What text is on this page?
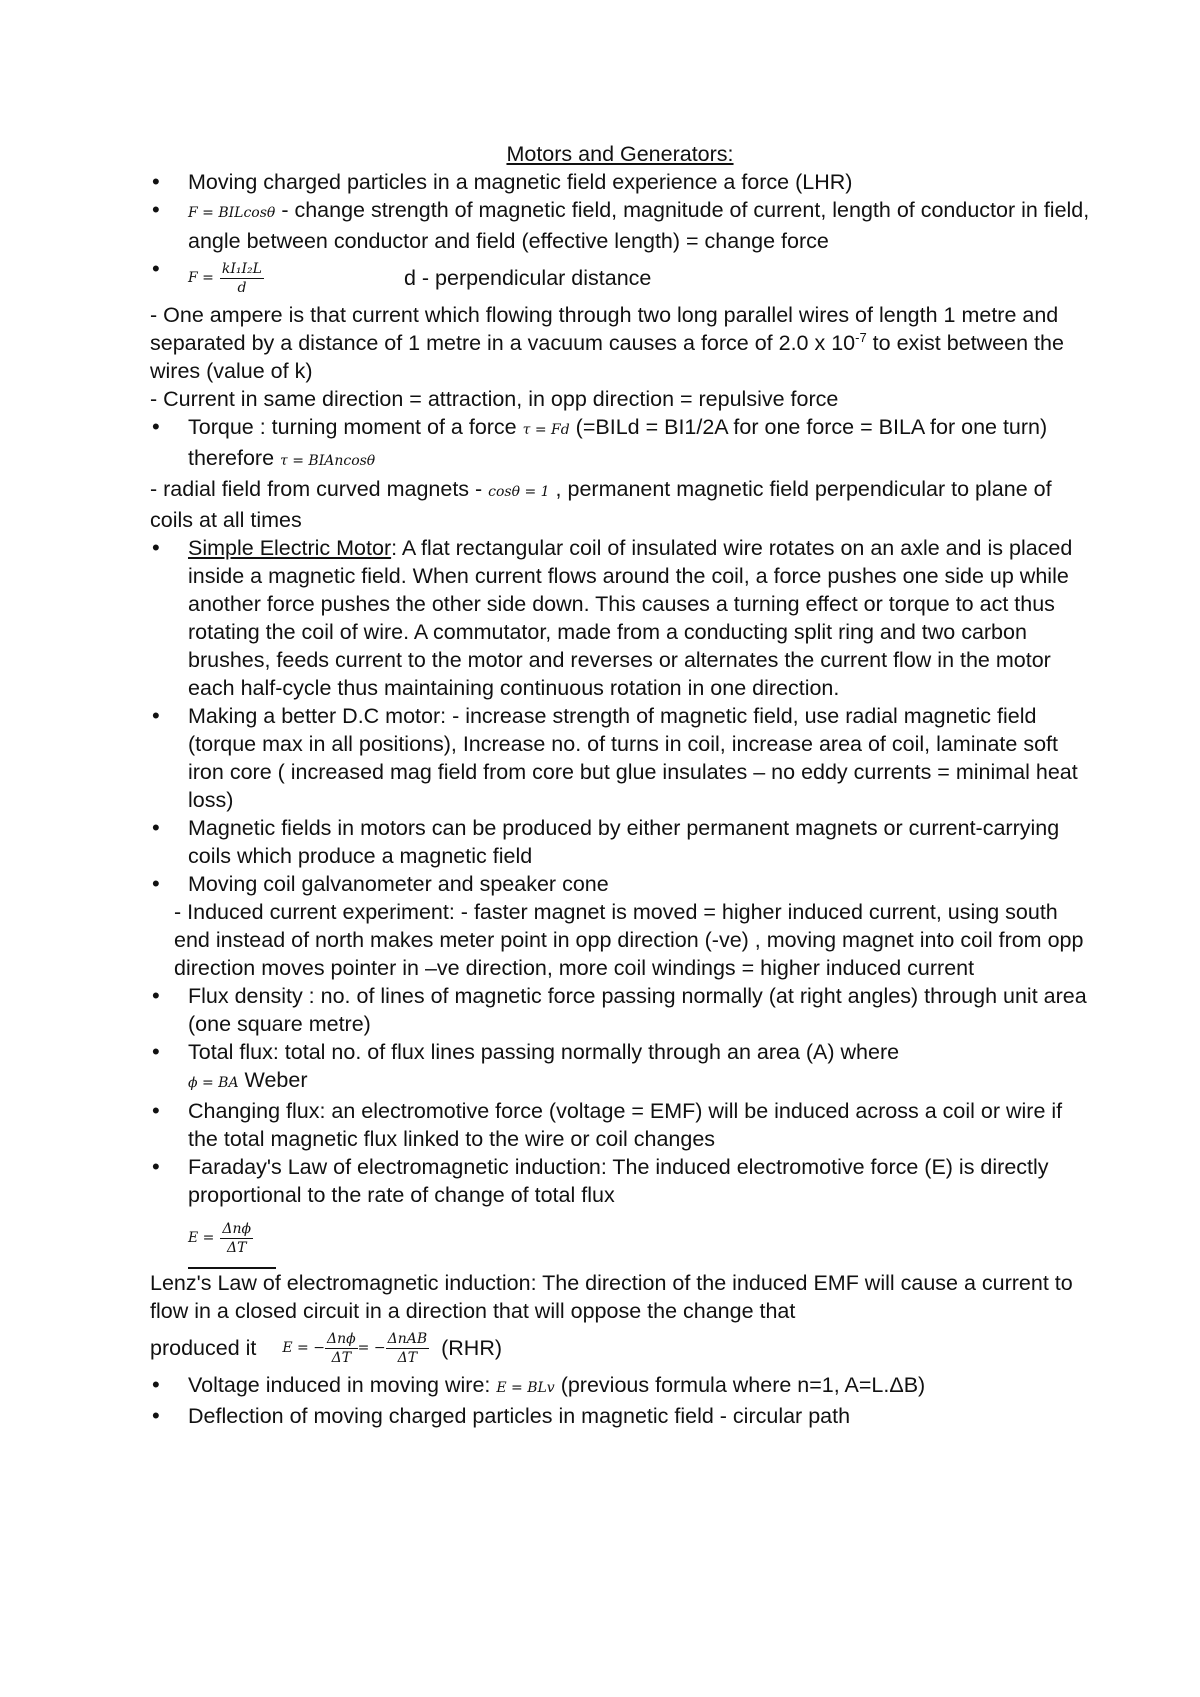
Motors and Generators:
• Moving charged particles in a magnetic field experience a force (LHR)
• F = BILcosθ - change strength of magnetic field, magnitude of current, length of conductor in field, angle between conductor and field (effective length) = change force
• F =
$\frac{\text{kI₁I₂L}}{d}$	d - perpendicular distance
- One ampere is that current which flowing through two long parallel wires of length 1 metre and separated by a distance of 1 metre in a vacuum causes a force of 2.0 x $10^{-7}$ to exist between the wires (value of k)
- Current in same direction = attraction, in opp direction = repulsive force
• Torque : turning moment of a force τ = Fd (=BILd = BI1/2A for one force = BILA for one turn) therefore τ = BIAncosθ
- radial field from curved magnets - cosθ = 1 , permanent magnetic field perpendicular to plane of coils at all times
• Simple Electric Motor: A flat rectangular coil of insulated wire rotates on an axle and is placed inside a magnetic field. When current flows around the coil, a force pushes one side up while another force pushes the other side down. This causes a turning effect or torque to act thus rotating the coil of wire. A commutator, made from a conducting split ring and two carbon brushes, feeds current to the motor and reverses or alternates the current flow in the motor each half-cycle thus maintaining continuous rotation in one direction.
• Making a better D.C motor: - increase strength of magnetic field, use radial magnetic field (torque max in all positions), Increase no. of turns in coil, increase area of coil, laminate soft iron core ( increased mag field from core but glue insulates – no eddy currents = minimal heat loss)
• Magnetic fields in motors can be produced by either permanent magnets or current-carrying coils which produce a magnetic field
• Moving coil galvanometer and speaker cone
- Induced current experiment: - faster magnet is moved = higher induced current, using south end instead of north makes meter point in opp direction (-ve) , moving magnet into coil from opp direction moves pointer in –ve direction, more coil windings = higher induced current
• Flux density : no. of lines of magnetic force passing normally (at right angles) through unit area (one square metre)
• Total flux: total no. of flux lines passing normally through an area (A) where
ϕ = BA Weber
• Changing flux: an electromotive force (voltage = EMF) will be induced across a coil or wire if the total magnetic flux linked to the wire or coil changes
• Faraday's Law of electromagnetic induction: The induced electromotive force (E) is directly proportional to the rate of change of total flux
E =
$\frac{\text{Δnϕ}}{\Delta T}$
Lenz's Law of electromagnetic induction: The direction of the induced EMF will cause a current to flow in a closed circuit in a direction that will oppose the change that
produced it E = − $\frac{\text{Δnϕ}}{\Delta T}$ = − $\frac{\text{ΔnAB}}{\Delta T} (RHR)$
• Voltage induced in moving wire: E = BLv (previous formula where n=1, A=L.ΔB)
• Deflection of moving charged particles in magnetic field - circular path
